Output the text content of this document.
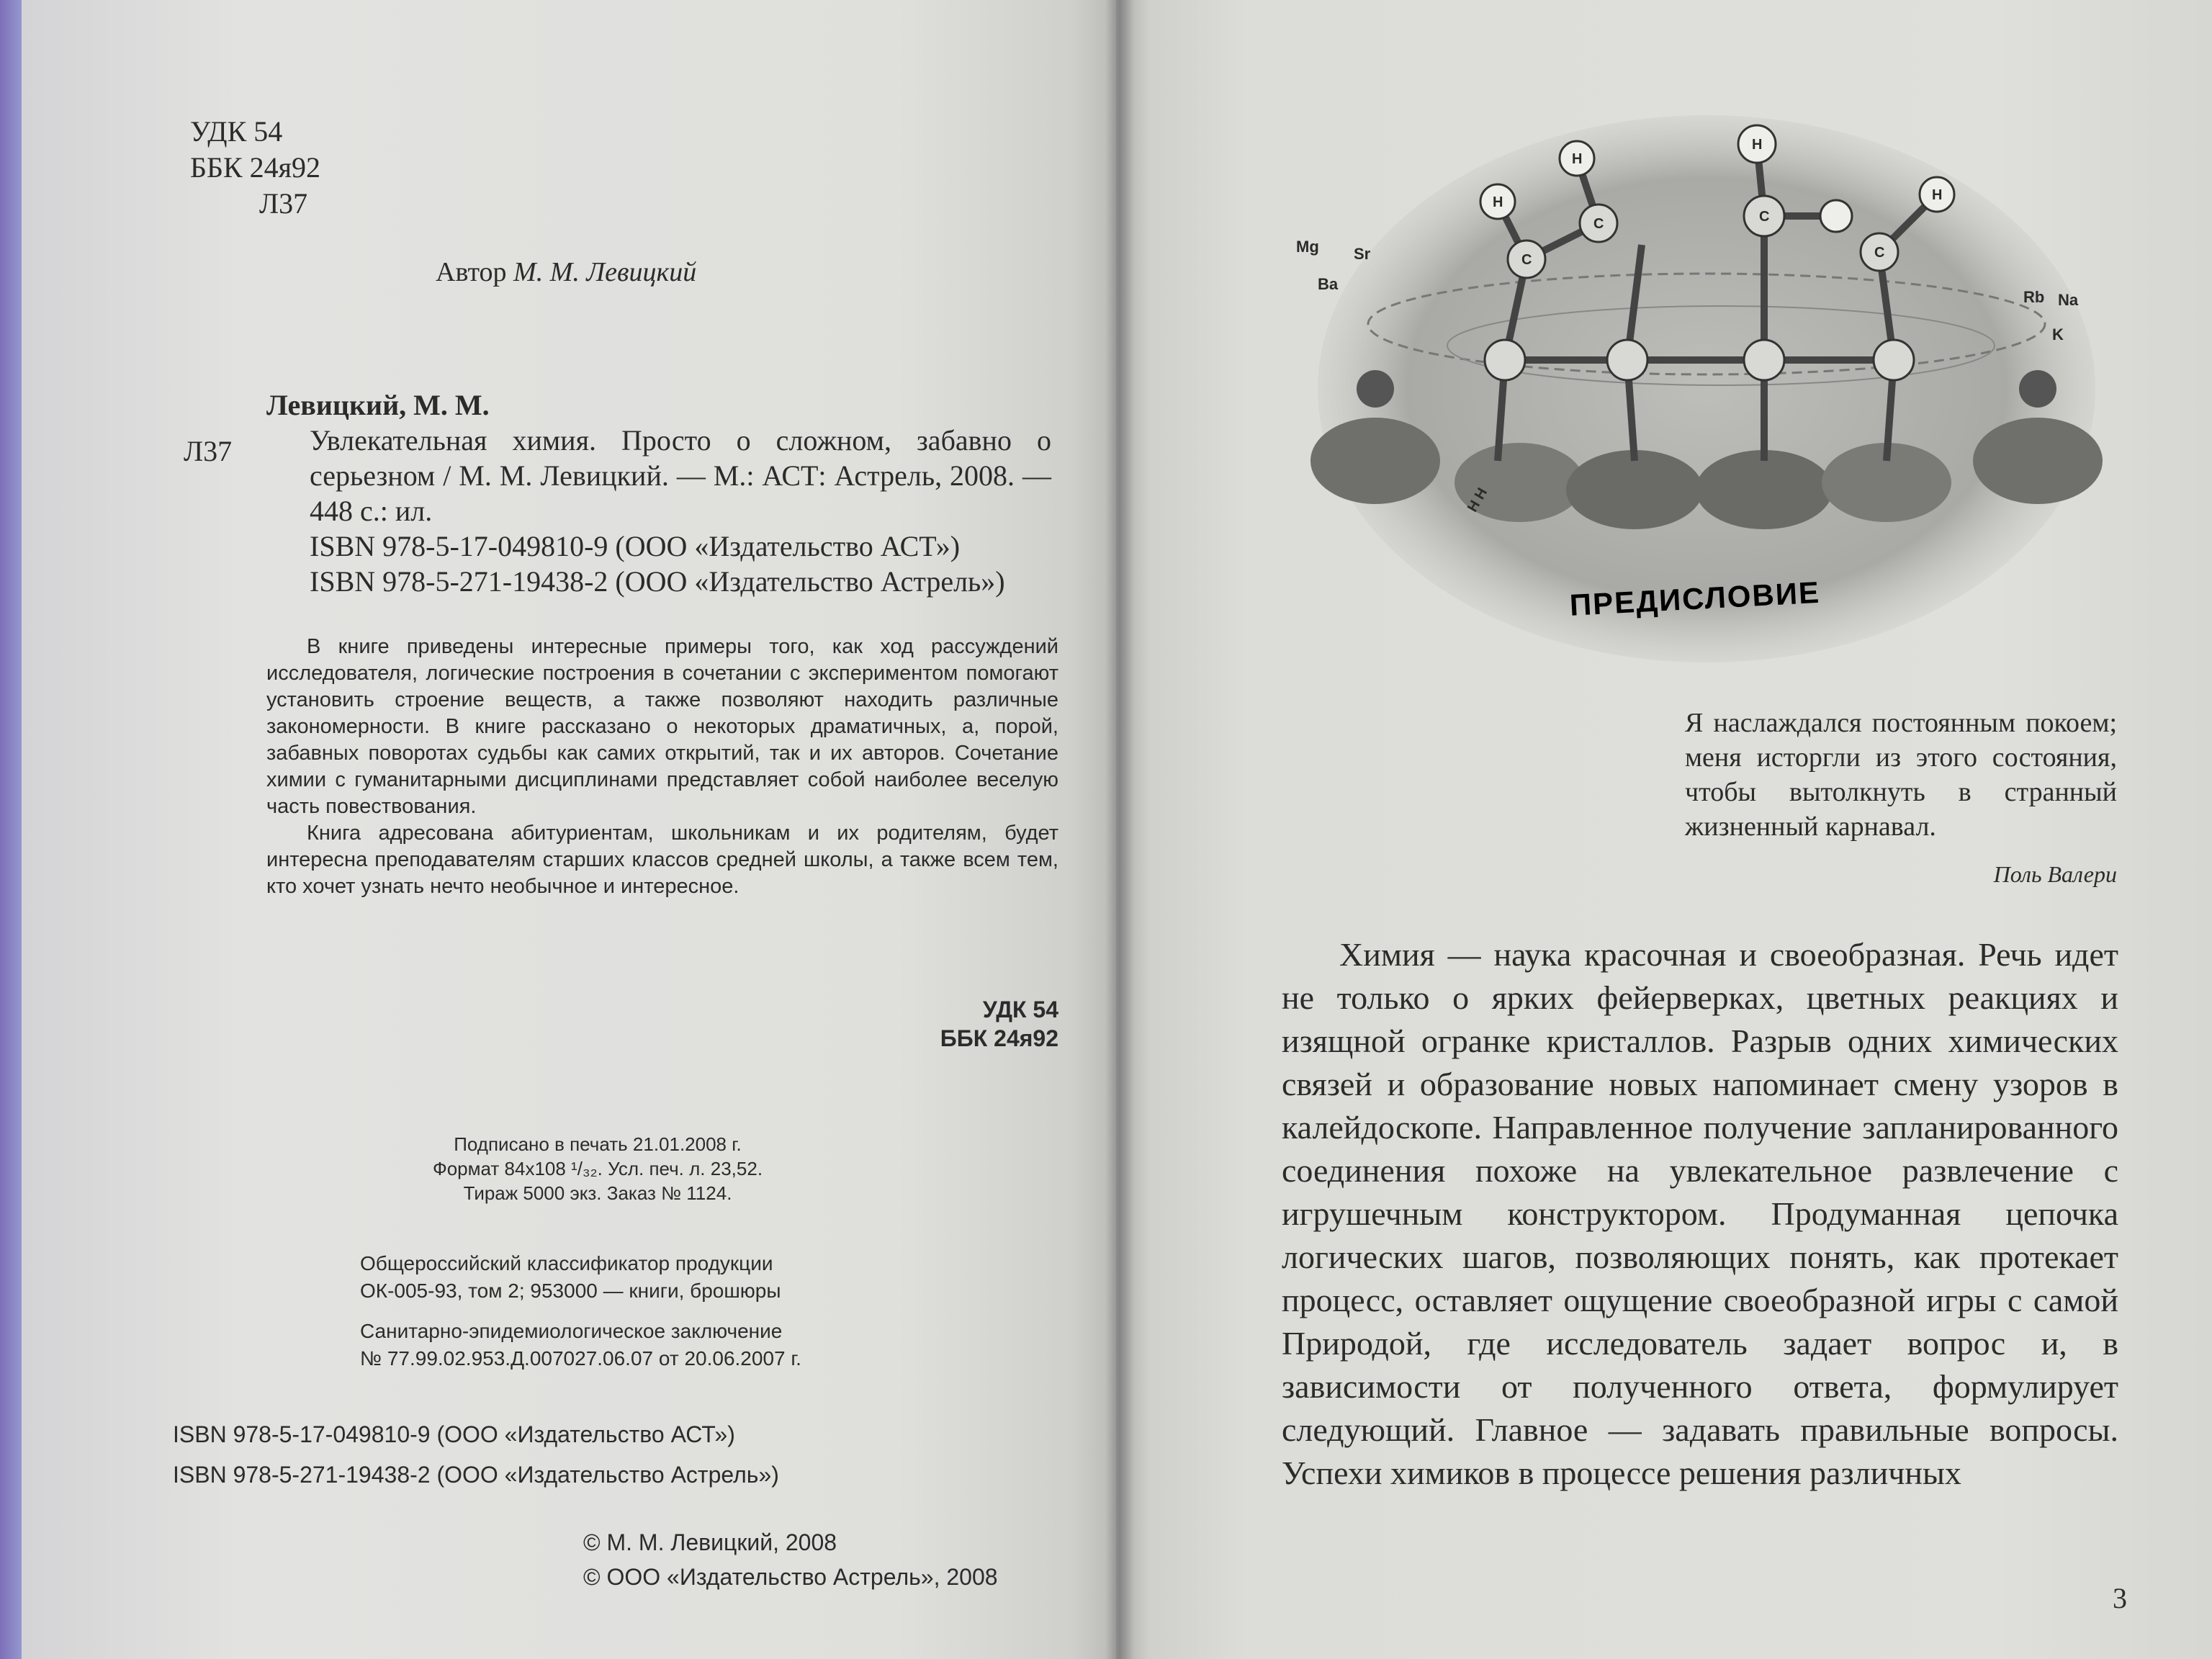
УДК 54
ББК 24я92
Л37
Автор М. М. Левицкий
Л37
Левицкий, М. М.
Увлекательная химия. Просто о сложном, забавно о серьезном / М. М. Левицкий. — М.: АСТ: Астрель, 2008. — 448 с.: ил.
ISBN 978-5-17-049810-9 (ООО «Издательство АСТ»)
ISBN 978-5-271-19438-2 (ООО «Издательство Астрель»)

В книге приведены интересные примеры того, как ход рассуждений исследователя, логические построения в сочетании с экспериментом помогают установить строение веществ, а также позволяют находить различные закономерности. В книге рассказано о некоторых драматичных, а, порой, забавных поворотах судьбы как самих открытий, так и их авторов. Сочетание химии с гуманитарными дисциплинами представляет собой наиболее веселую часть повествования.

Книга адресована абитуриентам, школьникам и их родителям, будет интересна преподавателям старших классов средней школы, а также всем тем, кто хочет узнать нечто необычное и интересное.

УДК 54
ББК 24я92
Подписано в печать 21.01.2008 г.
Формат 84х108 ¹/₃₂. Усл. печ. л. 23,52.
Тираж 5000 экз. Заказ № 1124.
Общероссийский классификатор продукции
ОК-005-93, том 2; 953000 — книги, брошюры
Санитарно-эпидемиологическое заключение
№ 77.99.02.953.Д.007027.06.07 от 20.06.2007 г.
ISBN 978-5-17-049810-9 (ООО «Издательство АСТ»)
ISBN 978-5-271-19438-2 (ООО «Издательство Астрель»)
© М. М. Левицкий, 2008
© ООО «Издательство Астрель», 2008
H
H
H
H
C
C	C
C
H H
Mg Sr
Ba
Rb Na
K
ПРЕДИСЛОВИЕ
Я наслаждался постоянным покоем; меня исторгли из этого состояния, чтобы вытолкнуть в странный жизненный карнавал.
Поль Валери

Химия — наука красочная и своеобразная. Речь идет не только о ярких фейерверках, цветных реакциях и изящной огранке кристаллов. Разрыв одних химических связей и образование новых напоминает смену узоров в калейдоскопе. Направленное получение запланированного соединения похоже на увлекательное развлечение с игрушечным конструктором. Продуманная цепочка логических шагов, позволяющих понять, как протекает процесс, оставляет ощущение своеобразной игры с самой Природой, где исследователь задает вопрос и, в зависимости от полученного ответа, формулирует следующий. Главное — задавать правильные вопросы. Успехи химиков в процессе решения различных

3
